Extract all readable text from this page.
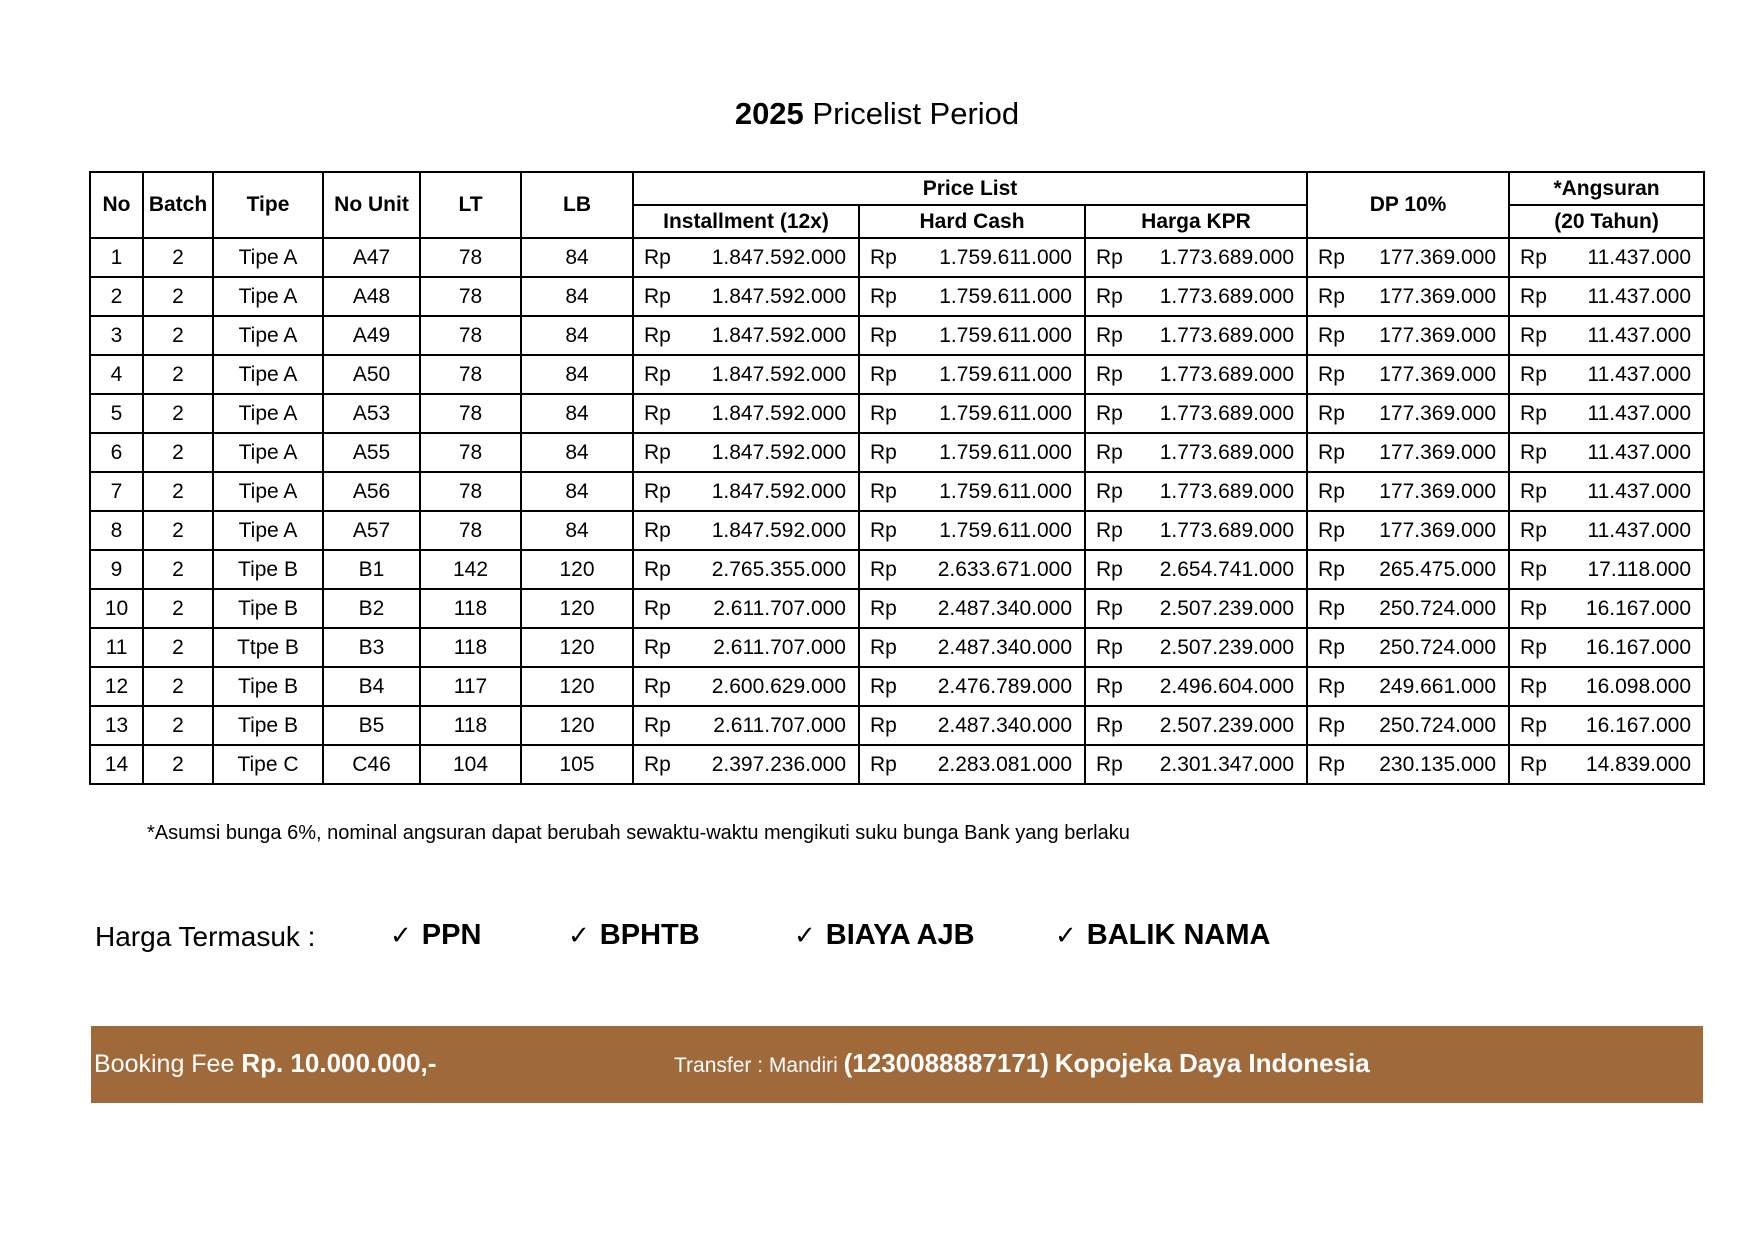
2025 Pricelist Period
No	Batch	Tipe	No Unit	LT	LB	Price List			DP 10%	*Angsuran
						Installment (12x)	Hard Cash	Harga KPR		(20 Tahun)
1	2	Tipe A	A47	78	84	Rp 1.847.592.000	Rp 1.759.611.000	Rp 1.773.689.000	Rp 177.369.000	Rp 11.437.000

2	2	Tipe A	A48	78	84	Rp 1.847.592.000	Rp 1.759.611.000	Rp 1.773.689.000	Rp 177.369.000	Rp 11.437.000

3	2	Tipe A	A49	78	84	Rp 1.847.592.000	Rp 1.759.611.000	Rp 1.773.689.000	Rp 177.369.000	Rp 11.437.000

4	2	Tipe A	A50	78	84	Rp 1.847.592.000	Rp 1.759.611.000	Rp 1.773.689.000	Rp 177.369.000	Rp 11.437.000

5	2	Tipe A	A53	78	84	Rp 1.847.592.000	Rp 1.759.611.000	Rp 1.773.689.000	Rp 177.369.000	Rp 11.437.000

6	2	Tipe A	A55	78	84	Rp 1.847.592.000	Rp 1.759.611.000	Rp 1.773.689.000	Rp 177.369.000	Rp 11.437.000

7	2	Tipe A	A56	78	84	Rp 1.847.592.000	Rp 1.759.611.000	Rp 1.773.689.000	Rp 177.369.000	Rp 11.437.000

8	2	Tipe A	A57	78	84	Rp 1.847.592.000	Rp 1.759.611.000	Rp 1.773.689.000	Rp 177.369.000	Rp 11.437.000

9	2	Tipe B	B1	142	120	Rp 2.765.355.000	Rp 2.633.671.000	Rp 2.654.741.000	Rp 265.475.000	Rp 17.118.000

10	2	Tipe B	B2	118	120	Rp 2.611.707.000	Rp 2.487.340.000	Rp 2.507.239.000	Rp 250.724.000	Rp 16.167.000

11	2	Ttpe B	B3	118	120	Rp 2.611.707.000	Rp 2.487.340.000	Rp 2.507.239.000	Rp 250.724.000	Rp 16.167.000

12	2	Tipe B	B4	117	120	Rp 2.600.629.000	Rp 2.476.789.000	Rp 2.496.604.000	Rp 249.661.000	Rp 16.098.000

13	2	Tipe B	B5	118	120	Rp 2.611.707.000	Rp 2.487.340.000	Rp 2.507.239.000	Rp 250.724.000	Rp 16.167.000

14	2	Tipe C	C46	104	105	Rp 2.397.236.000	Rp 2.283.081.000	Rp 2.301.347.000	Rp 230.135.000	Rp 14.839.000
*Asumsi bunga 6%, nominal angsuran dapat berubah sewaktu-waktu mengikuti suku bunga Bank yang berlaku
Harga Termasuk :	✓ PPN	✓ BPHTB	✓ BIAYA AJB	✓ BALIK NAMA
Booking Fee Rp. 10.000.000,-	Transfer : Mandiri (1230088887171) Kopojeka Daya Indonesia
